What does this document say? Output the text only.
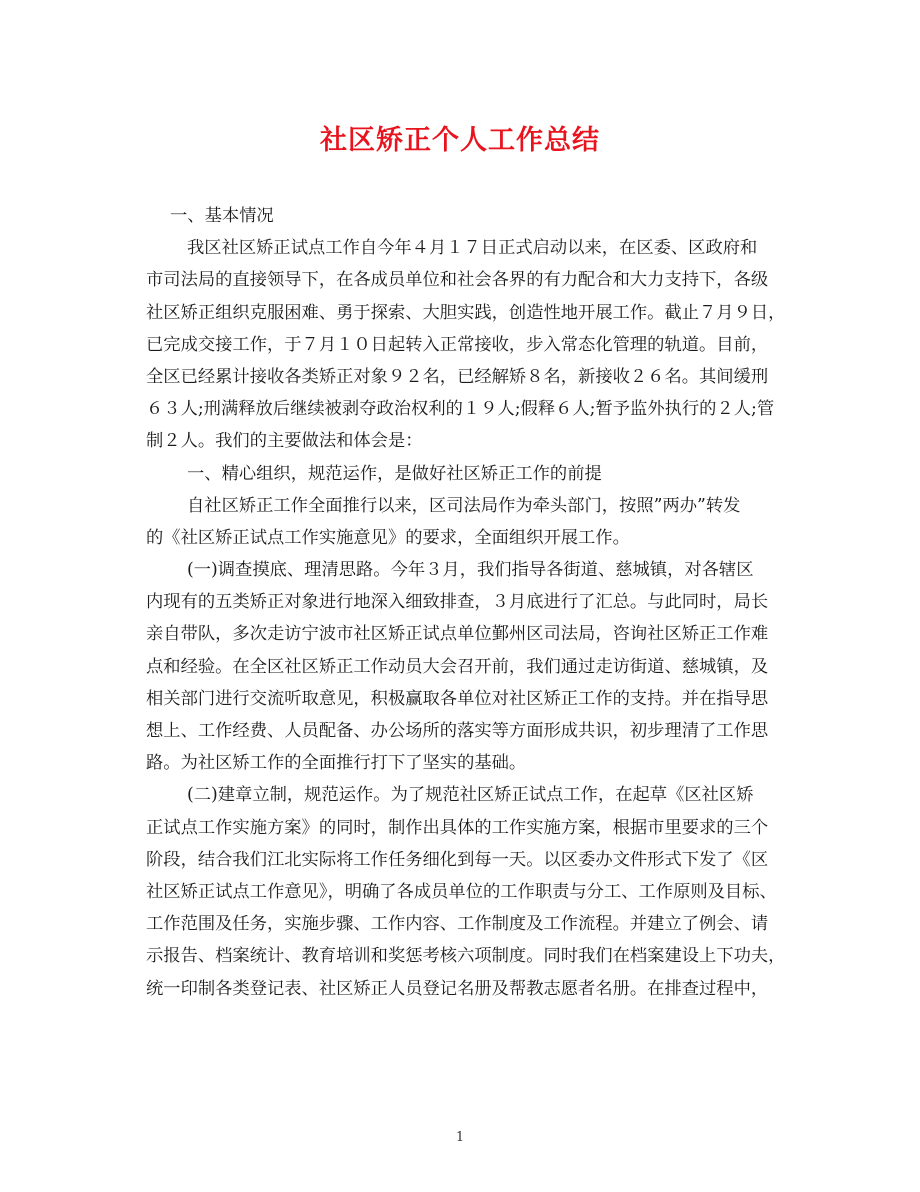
社区矫正个人工作总结
一、基本情况
我区社区矫正试点工作自今年４月１７日正式启动以来，在区委、区政府和
市司法局的直接领导下，在各成员单位和社会各界的有力配合和大力支持下，各级
社区矫正组织克服困难、勇于探索、大胆实践，创造性地开展工作。截止７月９日，
已完成交接工作，于７月１０日起转入正常接收，步入常态化管理的轨道。目前，
全区已经累计接收各类矫正对象９２名，已经解矫８名，新接收２６名。其间缓刑
６３人;刑满释放后继续被剥夺政治权利的１９人;假释６人;暂予监外执行的２人;管
制２人。我们的主要做法和体会是：
一、精心组织，规范运作，是做好社区矫正工作的前提
自社区矫正工作全面推行以来，区司法局作为牵头部门，按照”两办”转发
的《社区矫正试点工作实施意见》的要求，全面组织开展工作。
(一)调查摸底、理清思路。今年３月，我们指导各街道、慈城镇，对各辖区
内现有的五类矫正对象进行地深入细致排查，３月底进行了汇总。与此同时，局长
亲自带队，多次走访宁波市社区矫正试点单位鄞州区司法局，咨询社区矫正工作难
点和经验。在全区社区矫正工作动员大会召开前，我们通过走访街道、慈城镇，及
相关部门进行交流听取意见，积极赢取各单位对社区矫正工作的支持。并在指导思
想上、工作经费、人员配备、办公场所的落实等方面形成共识，初步理清了工作思
路。为社区矫工作的全面推行打下了坚实的基础。
(二)建章立制，规范运作。为了规范社区矫正试点工作，在起草《区社区矫
正试点工作实施方案》的同时，制作出具体的工作实施方案，根据市里要求的三个
阶段，结合我们江北实际将工作任务细化到每一天。以区委办文件形式下发了《区
社区矫正试点工作意见》，明确了各成员单位的工作职责与分工、工作原则及目标、
工作范围及任务，实施步骤、工作内容、工作制度及工作流程。并建立了例会、请
示报告、档案统计、教育培训和奖惩考核六项制度。同时我们在档案建设上下功夫，
统一印制各类登记表、社区矫正人员登记名册及帮教志愿者名册。在排查过程中，
1
